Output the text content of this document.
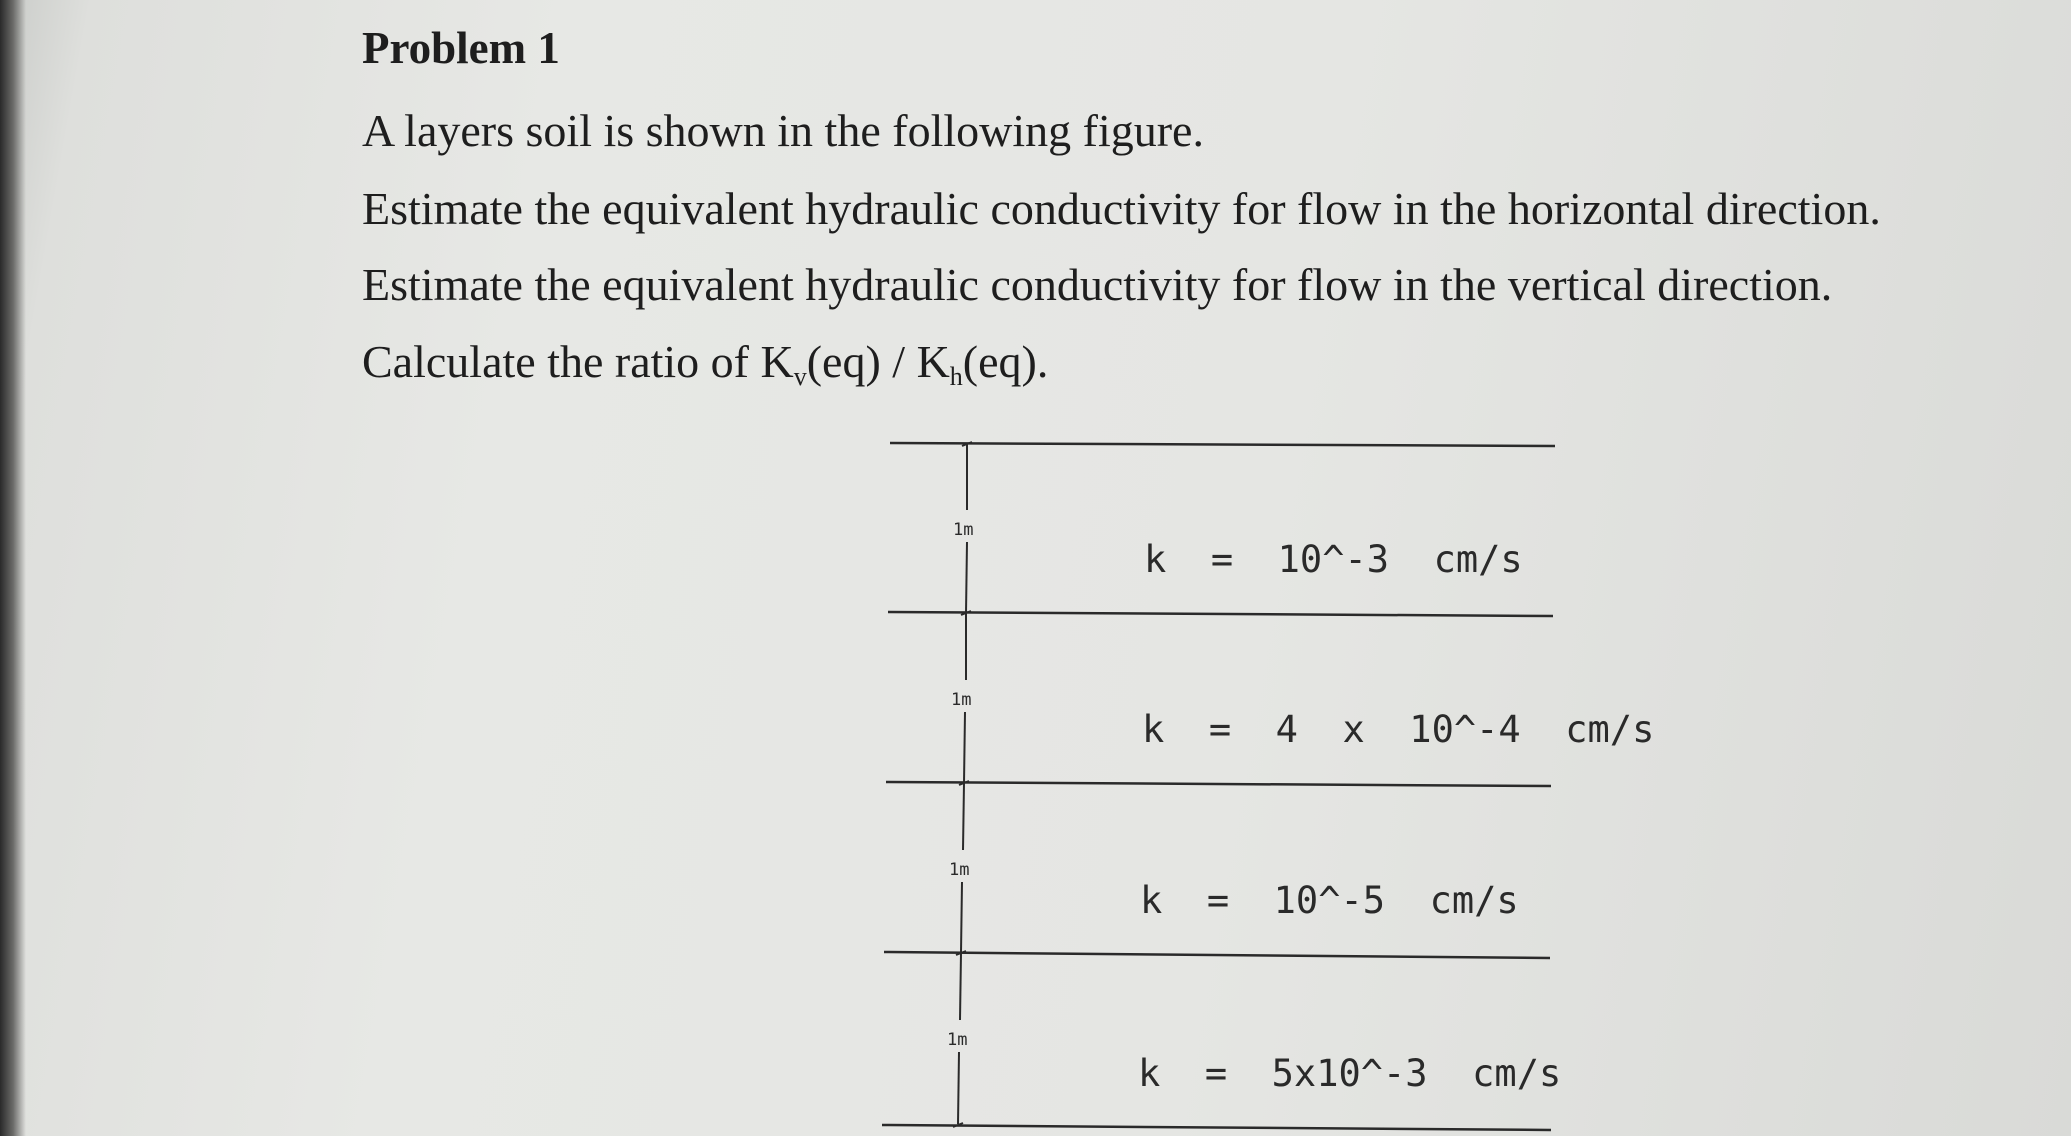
Problem 1
A layers soil is shown in the following figure.
Estimate the equivalent hydraulic conductivity for flow in the horizontal direction.
Estimate the equivalent hydraulic conductivity for flow in the vertical direction.
Calculate the ratio of Kv(eq) / Kh(eq).
1m
1m
1m
1m
k  =  10^-3  cm/s
k  =  4  x  10^-4  cm/s
k  =  10^-5  cm/s
k  =  5x10^-3  cm/s
